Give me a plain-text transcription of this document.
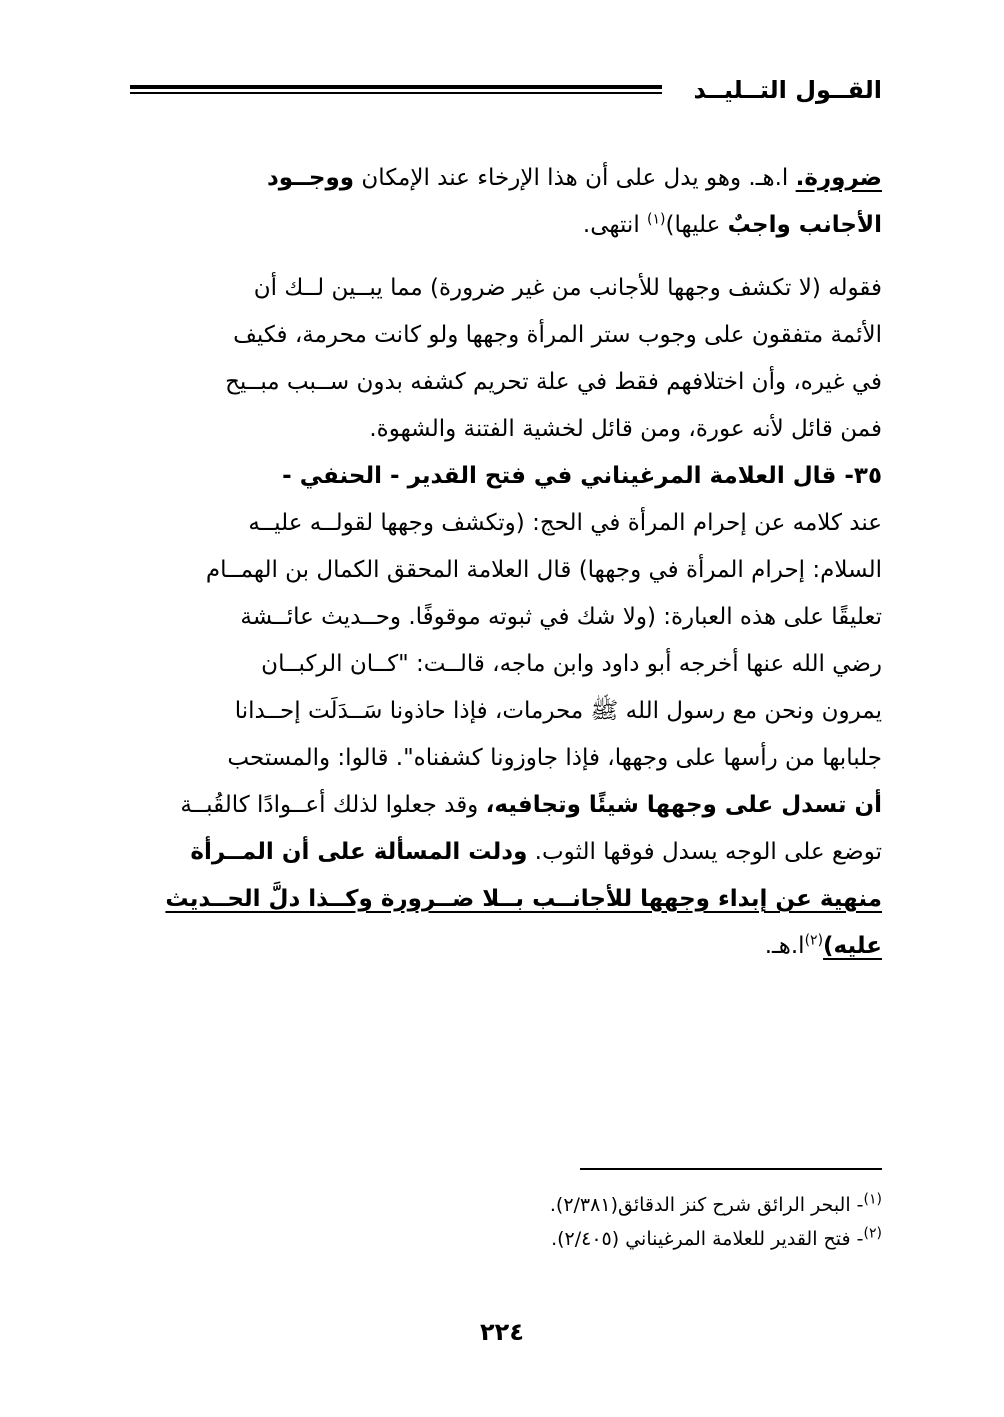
القــول التــليــد

ضرورة. ا.هـ. وهو يدل على أن هذا الإرخاء عند الإمكان ووجــود

الأجانب واجبٌ عليها)$^{(١)}$ انتهى.

فقوله (لا تكشف وجهها للأجانب من غير ضرورة) مما يبــين لــك أن

الأئمة متفقون على وجوب ستر المرأة وجهها ولو كانت محرمة، فكيف

في غيره، وأن اختلافهم فقط في علة تحريم كشفه بدون ســبب مبــيح

فمن قائل لأنه عورة، ومن قائل لخشية الفتنة والشهوة.

٣٥- قال العلامة المرغيناني في فتح القدير - الحنفي -

عند كلامه عن إحرام المرأة في الحج: (وتكشف وجهها لقولــه عليــه

السلام: إحرام المرأة في وجهها) قال العلامة المحقق الكمال بن الهمــام

تعليقًا على هذه العبارة: (ولا شك في ثبوته موقوفًا. وحــديث عائــشة

رضي الله عنها أخرجه أبو داود وابن ماجه، قالــت: "كــان الركبــان

يمرون ونحن مع رسول الله ﷺ محرمات، فإذا حاذونا سَــدَلَت إحــدانا

جلبابها من رأسها على وجهها، فإذا جاوزونا كشفناه". قالوا: والمستحب

أن تسدل على وجهها شيئًا وتجافيه، وقد جعلوا لذلك أعــوادًا كالقُبــة

توضع على الوجه يسدل فوقها الثوب. ودلت المسألة على أن المــرأة

منهية عن إبداء وجهها للأجانــب بــلا ضــرورة وكــذا دلَّ الحــديث

عليه)$^{(٢)}$ا.هـ.

$^{(١)}$- البحر الرائق شرح كنز الدقائق(٢/٣٨١).

$^{(٢)}$- فتح القدير للعلامة المرغيناني (٢/٤٠٥).

٢٢٤
